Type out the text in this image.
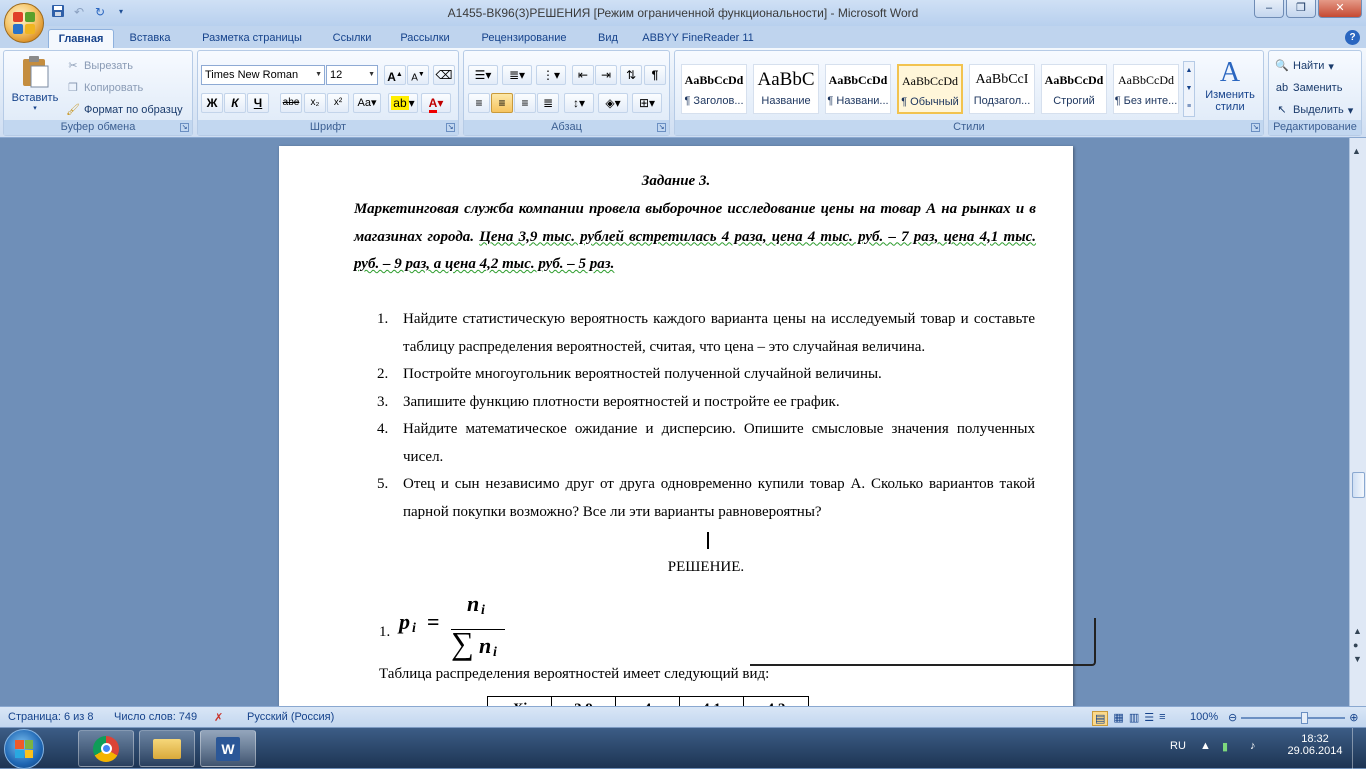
↶ ↻	▾	А1455-ВК96(3)РЕШЕНИЯ [Режим ограниченной функциональности] - Microsoft Word	–	❐	✕
Главная	Вставка	Разметка страницы	Ссылки	Рассылки	Рецензирование	Вид	ABBYY FineReader 11	?
Вставить
▾
✂ Вырезать
❐ Копировать
🖌 Формат по образцу
Буфер обмена	↘
Times New Roman ▼ 12	▼ A▲ A▼ ⌫
Ж	К	Ч	abe	x₂	x²	Aa▾	ab ▾	A▾
Шрифт	↘
☰▾	≣▾	⋮▾	⇤	⇥	⇅	¶
≡	≡	≡	≣	↕▾	◈▾	⊞▾
Абзац	↘
AaBbCcDd
¶ Заголов...
AaBbC
Название
AaBbCcDd
¶ Названи...
AaBbCcDd
¶ Обычный
AaBbCcI
Подзагол...
AaBbCcDd
Строгий
AaBbCcDd
¶ Без инте...
▲
▼
≡
A
Изменить стили
Стили	↘
🔍 Найти ▾
ab Заменить
↖ Выделить ▾
Редактирование
Задание 3.
Маркетинговая служба компании провела выборочное исследование цены на товар А на рынках и в магазинах города. Цена 3,9 тыс. рублей встретилась 4 раза, цена 4 тыс. руб. – 7 раз, цена 4,1 тыс. руб. – 9 раз, а цена 4,2 тыс. руб. – 5 раз.
1. Найдите статистическую вероятность каждого варианта цены на исследуемый товар и составьте таблицу распределения вероятностей, считая, что цена – это случайная величина.
2. Постройте многоугольник вероятностей полученной случайной величины.
3. Запишите функцию плотности вероятностей и постройте ее график.
4. Найдите математическое ожидание и дисперсию. Опишите смысловые значения полученных чисел.
5. Отец и сын независимо друг от друга одновременно купили товар А. Сколько вариантов такой парной покупки возможно? Все ли эти варианты равновероятны?
РЕШЕНИЕ.
1. p i =
n i
∑ n i
Таблица распределения вероятностей имеет следующий вид:
▲
▲
●
▼
Страница: 6 из 8 Число слов: 749 ✗ Русский (Россия)	▤ ▦ ▥ ☰ ≡ 100% ⊖	⊕
W	RU ▲ ▮ ♪
18:32
29.06.2014
